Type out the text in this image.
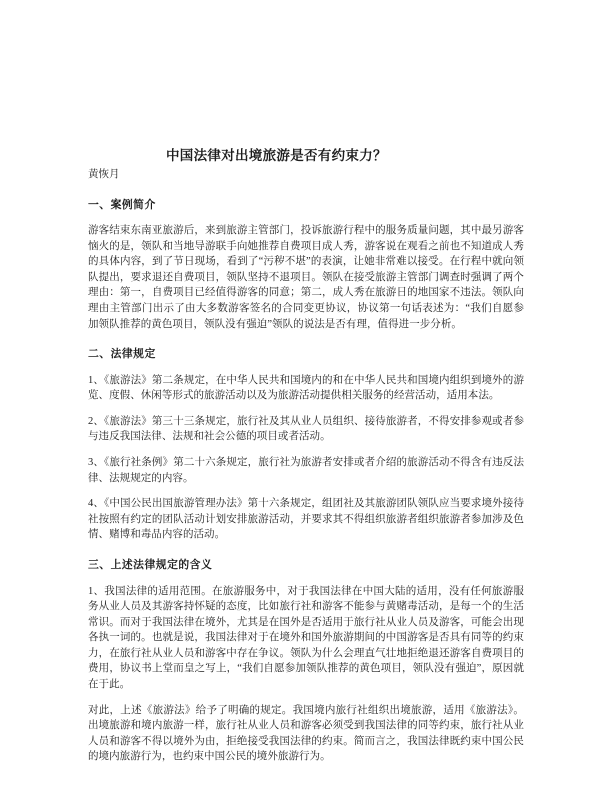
中国法律对出境旅游是否有约束力？
黄恢月
一、案例简介

游客结束东南亚旅游后，来到旅游主管部门，投诉旅游行程中的服务质量问题，其中最另游客恼火的是，领队和当地导游联手向她推荐自费项目成人秀，游客说在观看之前也不知道成人秀的具体内容，到了节日现场，看到了“污秽不堪”的表演，让她非常难以接受。在行程中就向领队提出，要求退还自费项目，领队坚持不退项目。领队在接受旅游主管部门调查时强调了两个理由：第一，自费项目已经值得游客的同意；第二，成人秀在旅游日的地国家不违法。领队向理由主管部门出示了由大多数游客签名的合同变更协议，协议第一句话表述为：“我们自愿参加领队推荐的黄色项目，领队没有强迫”领队的说法是否有理，值得进一步分析。

二、法律规定

1、《旅游法》第二条规定，在中华人民共和国境内的和在中华人民共和国境内组织到境外的游览、度假、休闲等形式的旅游活动以及为旅游活动提供相关服务的经营活动，适用本法。

2、《旅游法》第三十三条规定，旅行社及其从业人员组织、接待旅游者，不得安排参观或者参与违反我国法律、法规和社会公德的项目或者活动。

3、《旅行社条例》第二十六条规定，旅行社为旅游者安排或者介绍的旅游活动不得含有违反法律、法规规定的内容。

4、《中国公民出国旅游管理办法》第十六条规定，组团社及其旅游团队领队应当要求境外接待社按照有约定的团队活动计划安排旅游活动，并要求其不得组织旅游者组织旅游者参加涉及色情、赌博和毒品内容的活动。

三、上述法律规定的含义

1、我国法律的适用范围。在旅游服务中，对于我国法律在中国大陆的适用，没有任何旅游服务从业人员及其游客持怀疑的态度，比如旅行社和游客不能参与黄赌毒活动，是每一个的生活常识。而对于我国法律在境外，尤其是在国外是否适用于旅行社从业人员及游客，可能会出现各执一词的。也就是说，我国法律对于在境外和国外旅游期间的中国游客是否具有同等的约束力，在旅行社从业人员和游客中存在争议。领队为什么会理直气壮地拒绝退还游客自费项目的费用，协议书上堂而皇之写上，“我们自愿参加领队推荐的黄色项目，领队没有强迫”，原因就在于此。

对此，上述《旅游法》给予了明确的规定。我国境内旅行社组织出境旅游，适用《旅游法》。出境旅游和境内旅游一样，旅行社从业人员和游客必须受到我国法律的同等约束，旅行社从业人员和游客不得以境外为由，拒绝接受我国法律的约束。简而言之，我国法律既约束中国公民的境内旅游行为，也约束中国公民的境外旅游行为。
